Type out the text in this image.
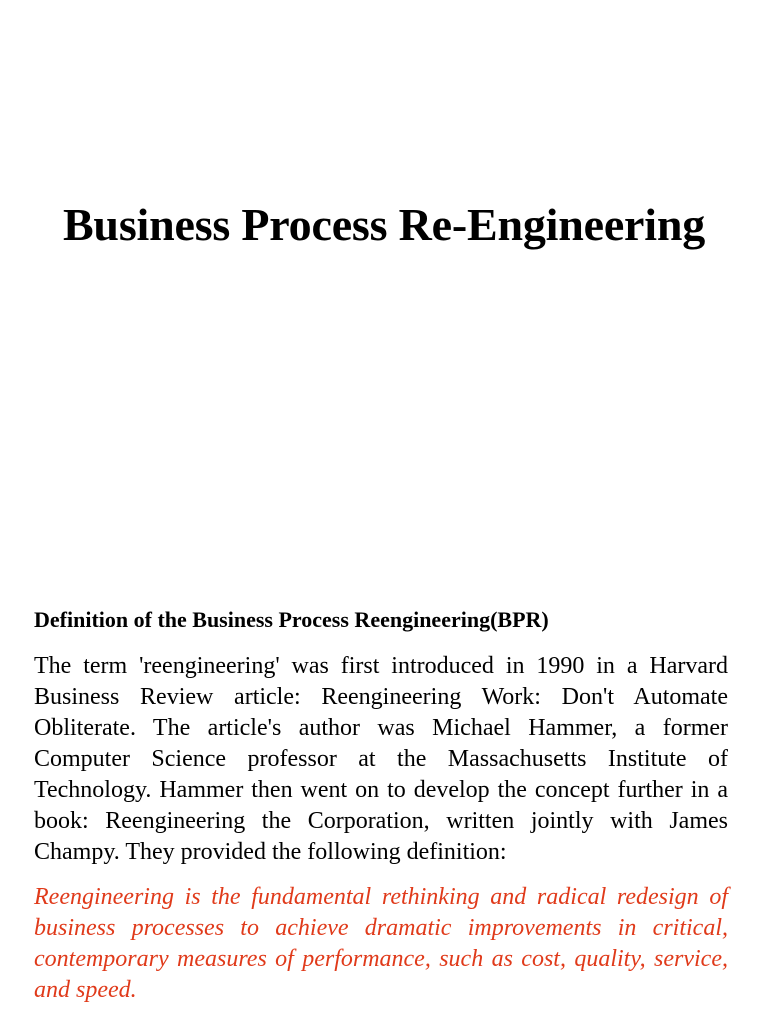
Business Process Re-Engineering
Definition of the Business Process Reengineering(BPR)

The term 'reengineering' was first introduced in 1990 in a Harvard Business Review article: Reengineering Work: Don't Automate Obliterate. The article's author was Michael Hammer, a former Computer Science professor at the Massachusetts Institute of Technology. Hammer then went on to develop the concept further in a book: Reengineering the Corporation, written jointly with James Champy. They provided the following definition:

Reengineering is the fundamental rethinking and radical redesign of business processes to achieve dramatic improvements in critical, contemporary measures of performance, such as cost, quality, service, and speed.
